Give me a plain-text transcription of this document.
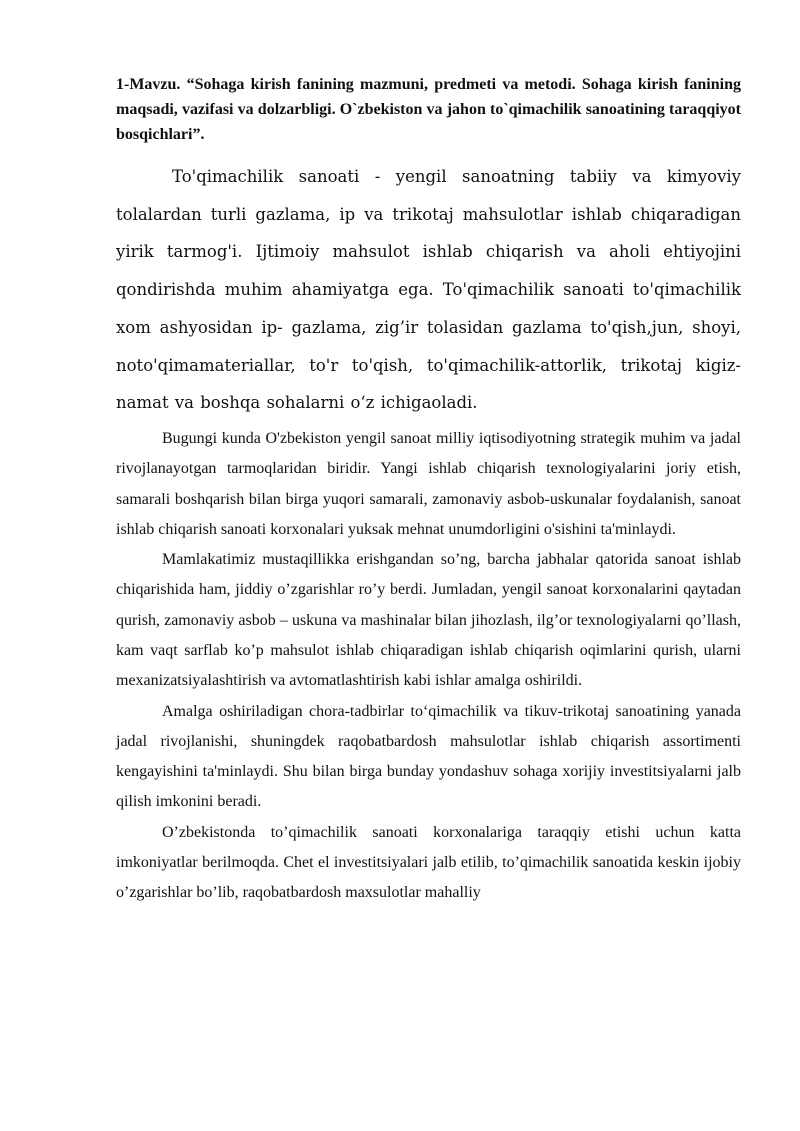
1-Mavzu. “Sohaga kirish fanining mazmuni, predmeti va metodi. Sohaga kirish fanining maqsadi, vazifasi va dolzarbligi. O`zbekiston va jahon to`qimachilik sanoatining taraqqiyot bosqichlari”.

To'qimachilik sanoati - yengil sanoatning tabiiy va kimyoviy tolalardan turli gazlama, ip va trikotaj mahsulotlar ishlab chiqaradigan yirik tarmog'i. Ijtimoiy mahsulot ishlab chiqarish va aholi ehtiyojini qondirishda muhim ahamiyatga ega. To'qimachilik sanoati to'qimachilik xom ashyosidan ip- gazlama, zig’ir tolasidan gazlama to'qish,jun, shoyi, noto'qimamateriallar, to'r to'qish, to'qimachilik-attorlik, trikotaj kigiz-namat va boshqa sohalarni o‘z ichigaoladi.

Bugungi kunda O'zbekiston yengil sanoat milliy iqtisodiyotning strategik muhim va jadal rivojlanayotgan tarmoqlaridan biridir. Yangi ishlab chiqarish texnologiyalarini joriy etish, samarali boshqarish bilan birga yuqori samarali, zamonaviy asbob-uskunalar foydalanish, sanoat ishlab chiqarish sanoati korxonalari yuksak mehnat unumdorligini o'sishini ta'minlaydi.

Mamlakatimiz mustaqillikka erishgandan so’ng, barcha jabhalar qatorida sanoat ishlab chiqarishida ham, jiddiy o’zgarishlar ro’y berdi. Jumladan, yengil sanoat korxonalarini qaytadan qurish, zamonaviy asbob – uskuna va mashinalar bilan jihozlash, ilg’or texnologiyalarni qo’llash, kam vaqt sarflab ko’p mahsulot ishlab chiqaradigan ishlab chiqarish oqimlarini qurish, ularni mexanizatsiyalashtirish va avtomatlashtirish kabi ishlar amalga oshirildi.

Amalga oshiriladigan chora-tadbirlar to‘qimachilik va tikuv-trikotaj sanoatining yanada jadal rivojlanishi, shuningdek raqobatbardosh mahsulotlar ishlab chiqarish assortimenti kengayishini ta'minlaydi. Shu bilan birga bunday yondashuv sohaga xorijiy investitsiyalarni jalb qilish imkonini beradi.

O’zbekistonda to’qimachilik sanoati korxonalariga taraqqiy etishi uchun katta imkoniyatlar berilmoqda. Chet el investitsiyalari jalb etilib, to’qimachilik sanoatida keskin ijobiy o’zgarishlar bo’lib, raqobatbardosh maxsulotlar mahalliy
